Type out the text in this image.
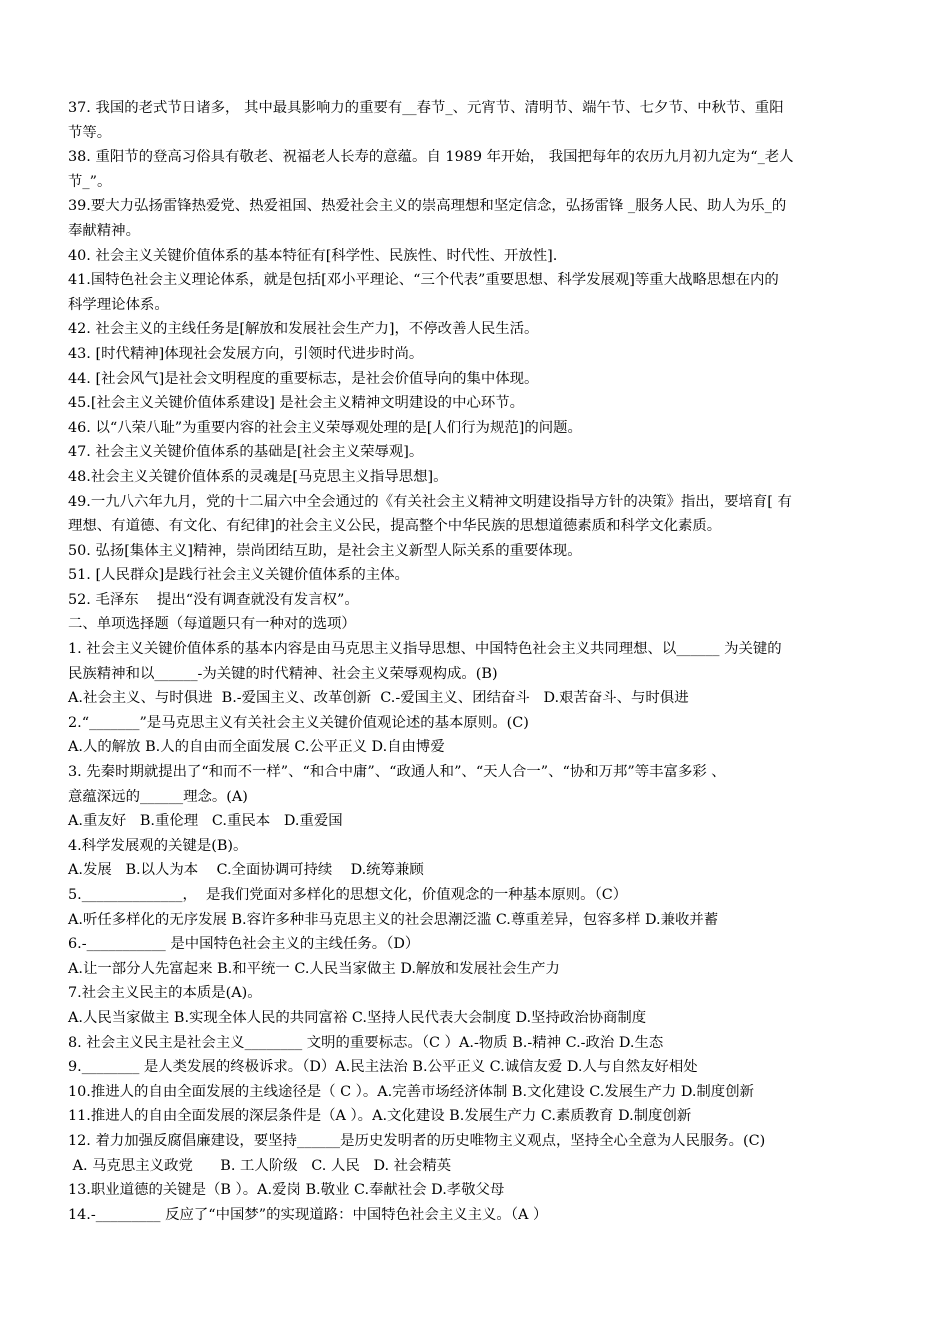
37. 我国的老式节日诸多， 其中最具影响力的重要有__春节_、元宵节、清明节、端午节、七夕节、中秋节、重阳

节等。

38. 重阳节的登高习俗具有敬老、祝福老人长寿的意蕴。自 1989 年开始， 我国把每年的农历九月初九定为“_老人

节_”。

39.要大力弘扬雷锋热爱党、热爱祖国、热爱社会主义的崇高理想和坚定信念，弘扬雷锋 _服务人民、助人为乐_的

奉献精神。

40. 社会主义关键价值体系的基本特征有[科学性、民族性、时代性、开放性].

41.国特色社会主义理论体系，就是包括[邓小平理论、“三个代表”重要思想、科学发展观]等重大战略思想在内的

科学理论体系。

42. 社会主义的主线任务是[解放和发展社会生产力]，不停改善人民生活。

43. [时代精神]体现社会发展方向，引领时代进步时尚。

44. [社会风气]是社会文明程度的重要标志，是社会价值导向的集中体现。

45.[社会主义关键价值体系建设] 是社会主义精神文明建设的中心环节。

46. 以“八荣八耻”为重要内容的社会主义荣辱观处理的是[人们行为规范]的问题。

47. 社会主义关键价值体系的基础是[社会主义荣辱观]。

48.社会主义关键价值体系的灵魂是[马克思主义指导思想]。

49.一九八六年九月，党的十二届六中全会通过的《有关社会主义精神文明建设指导方针的决策》指出，要培育[ 有

理想、有道德、有文化、有纪律]的社会主义公民，提高整个中华民族的思想道德素质和科学文化素质。

50. 弘扬[集体主义]精神，崇尚团结互助，是社会主义新型人际关系的重要体现。

51. [人民群众]是践行社会主义关键价值体系的主体。

52. 毛泽东    提出“没有调查就没有发言权”。

二、单项选择题（每道题只有一种对的选项）

1. 社会主义关键价值体系的基本内容是由马克思主义指导思想、中国特色社会主义共同理想、以______ 为关键的

民族精神和以______-为关键的时代精神、社会主义荣辱观构成。(B)

A.社会主义、与时俱进  B.-爱国主义、改革创新  C.-爱国主义、团结奋斗   D.艰苦奋斗、与时俱进

2.“_______”是马克思主义有关社会主义关键价值观论述的基本原则。(C)

A.人的解放 B.人的自由而全面发展 C.公平正义 D.自由博爱

3. 先秦时期就提出了“和而不一样”、“和合中庸”、“政通人和”、“天人合一”、“协和万邦”等丰富多彩 、

意蕴深远的______理念。(A)

A.重友好   B.重伦理   C.重民本   D.重爱国

4.科学发展观的关键是(B)。

A.发展   B.以人为本    C.全面协调可持续    D.统筹兼顾

5.______________，  是我们党面对多样化的思想文化，价值观念的一种基本原则。（C）

A.听任多样化的无序发展 B.容许多种非马克思主义的社会思潮泛滥 C.尊重差异，包容多样 D.兼收并蓄

6.-___________ 是中国特色社会主义的主线任务。（D）

A.让一部分人先富起来 B.和平统一 C.人民当家做主 D.解放和发展社会生产力

7.社会主义民主的本质是(A)。

A.人民当家做主 B.实现全体人民的共同富裕 C.坚持人民代表大会制度 D.坚持政治协商制度

8. 社会主义民主是社会主义________ 文明的重要标志。（C ）A.-物质 B.-精神 C.-政治 D.生态

9.________ 是人类发展的终极诉求。（D）A.民主法治 B.公平正义 C.诚信友爱 D.人与自然友好相处

10.推进人的自由全面发展的主线途径是（ C ）。A.完善市场经济体制 B.文化建设 C.发展生产力 D.制度创新

11.推进人的自由全面发展的深层条件是（A ）。A.文化建设 B.发展生产力 C.素质教育 D.制度创新

12. 着力加强反腐倡廉建设，要坚持______是历史发明者的历史唯物主义观点，坚持全心全意为人民服务。(C)

A. 马克思主义政党      B. 工人阶级   C. 人民   D. 社会精英

13.职业道德的关键是（B ）。A.爱岗 B.敬业 C.奉献社会 D.孝敬父母

14.-_________ 反应了“中国梦”的实现道路：中国特色社会主义主义。（A ）
